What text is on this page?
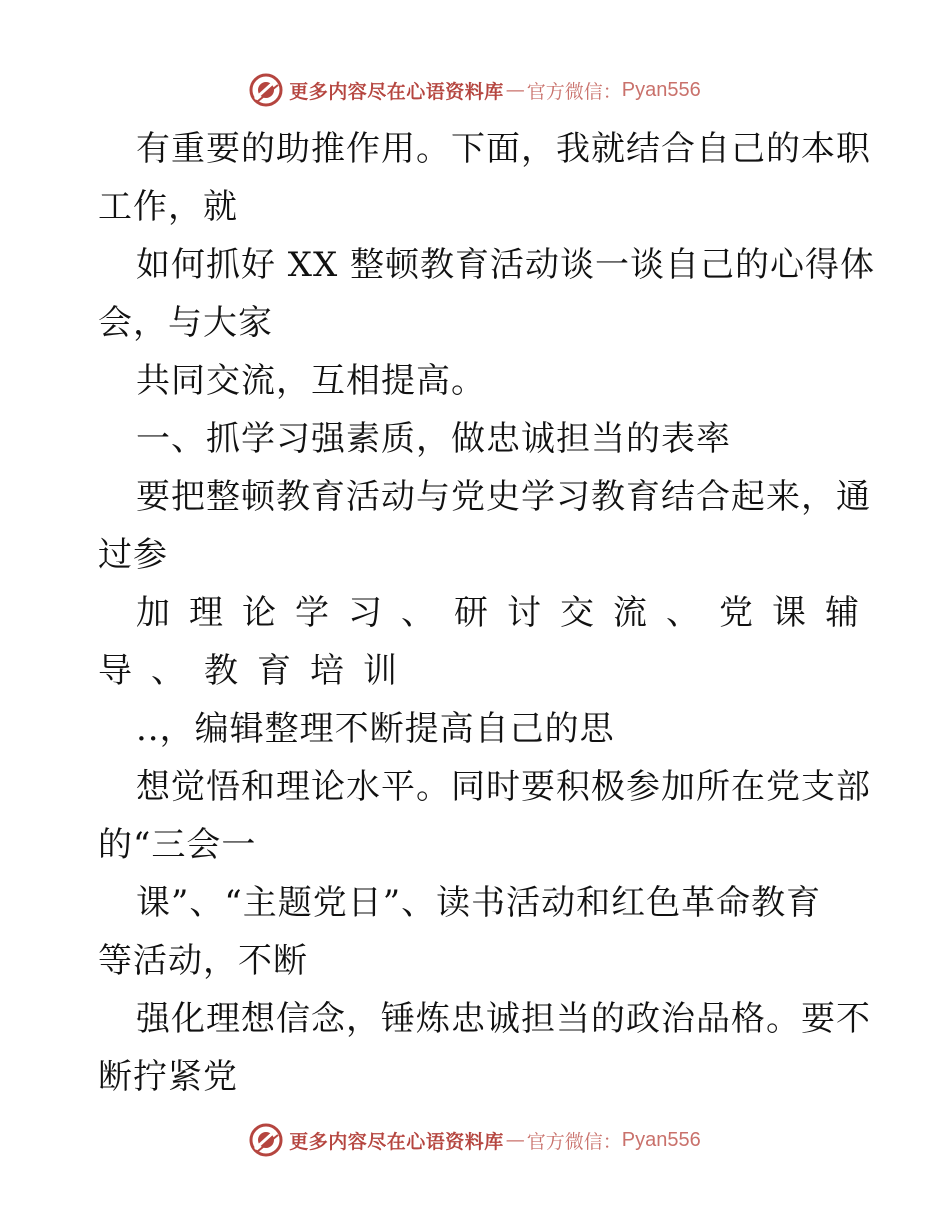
更多内容尽在心语资料库 — 官方微信： Pyan556
有重要的助推作用。下面，我就结合自己的本职
工作，就
如何抓好 XX 整顿教育活动谈一谈自己的心得体
会，与大家
共同交流，互相提高。
一、抓学习强素质，做忠诚担当的表率
要把整顿教育活动与党史学习教育结合起来，通
过参
加理论学习、研讨交流、党课辅
导、教育培训
..，编辑整理不断提高自己的思
想觉悟和理论水平。同时要积极参加所在党支部
的“三会一
课”、“主题党日”、读书活动和红色革命教育
等活动，不断
强化理想信念，锤炼忠诚担当的政治品格。要不
断拧紧党
更多内容尽在心语资料库 — 官方微信： Pyan556
